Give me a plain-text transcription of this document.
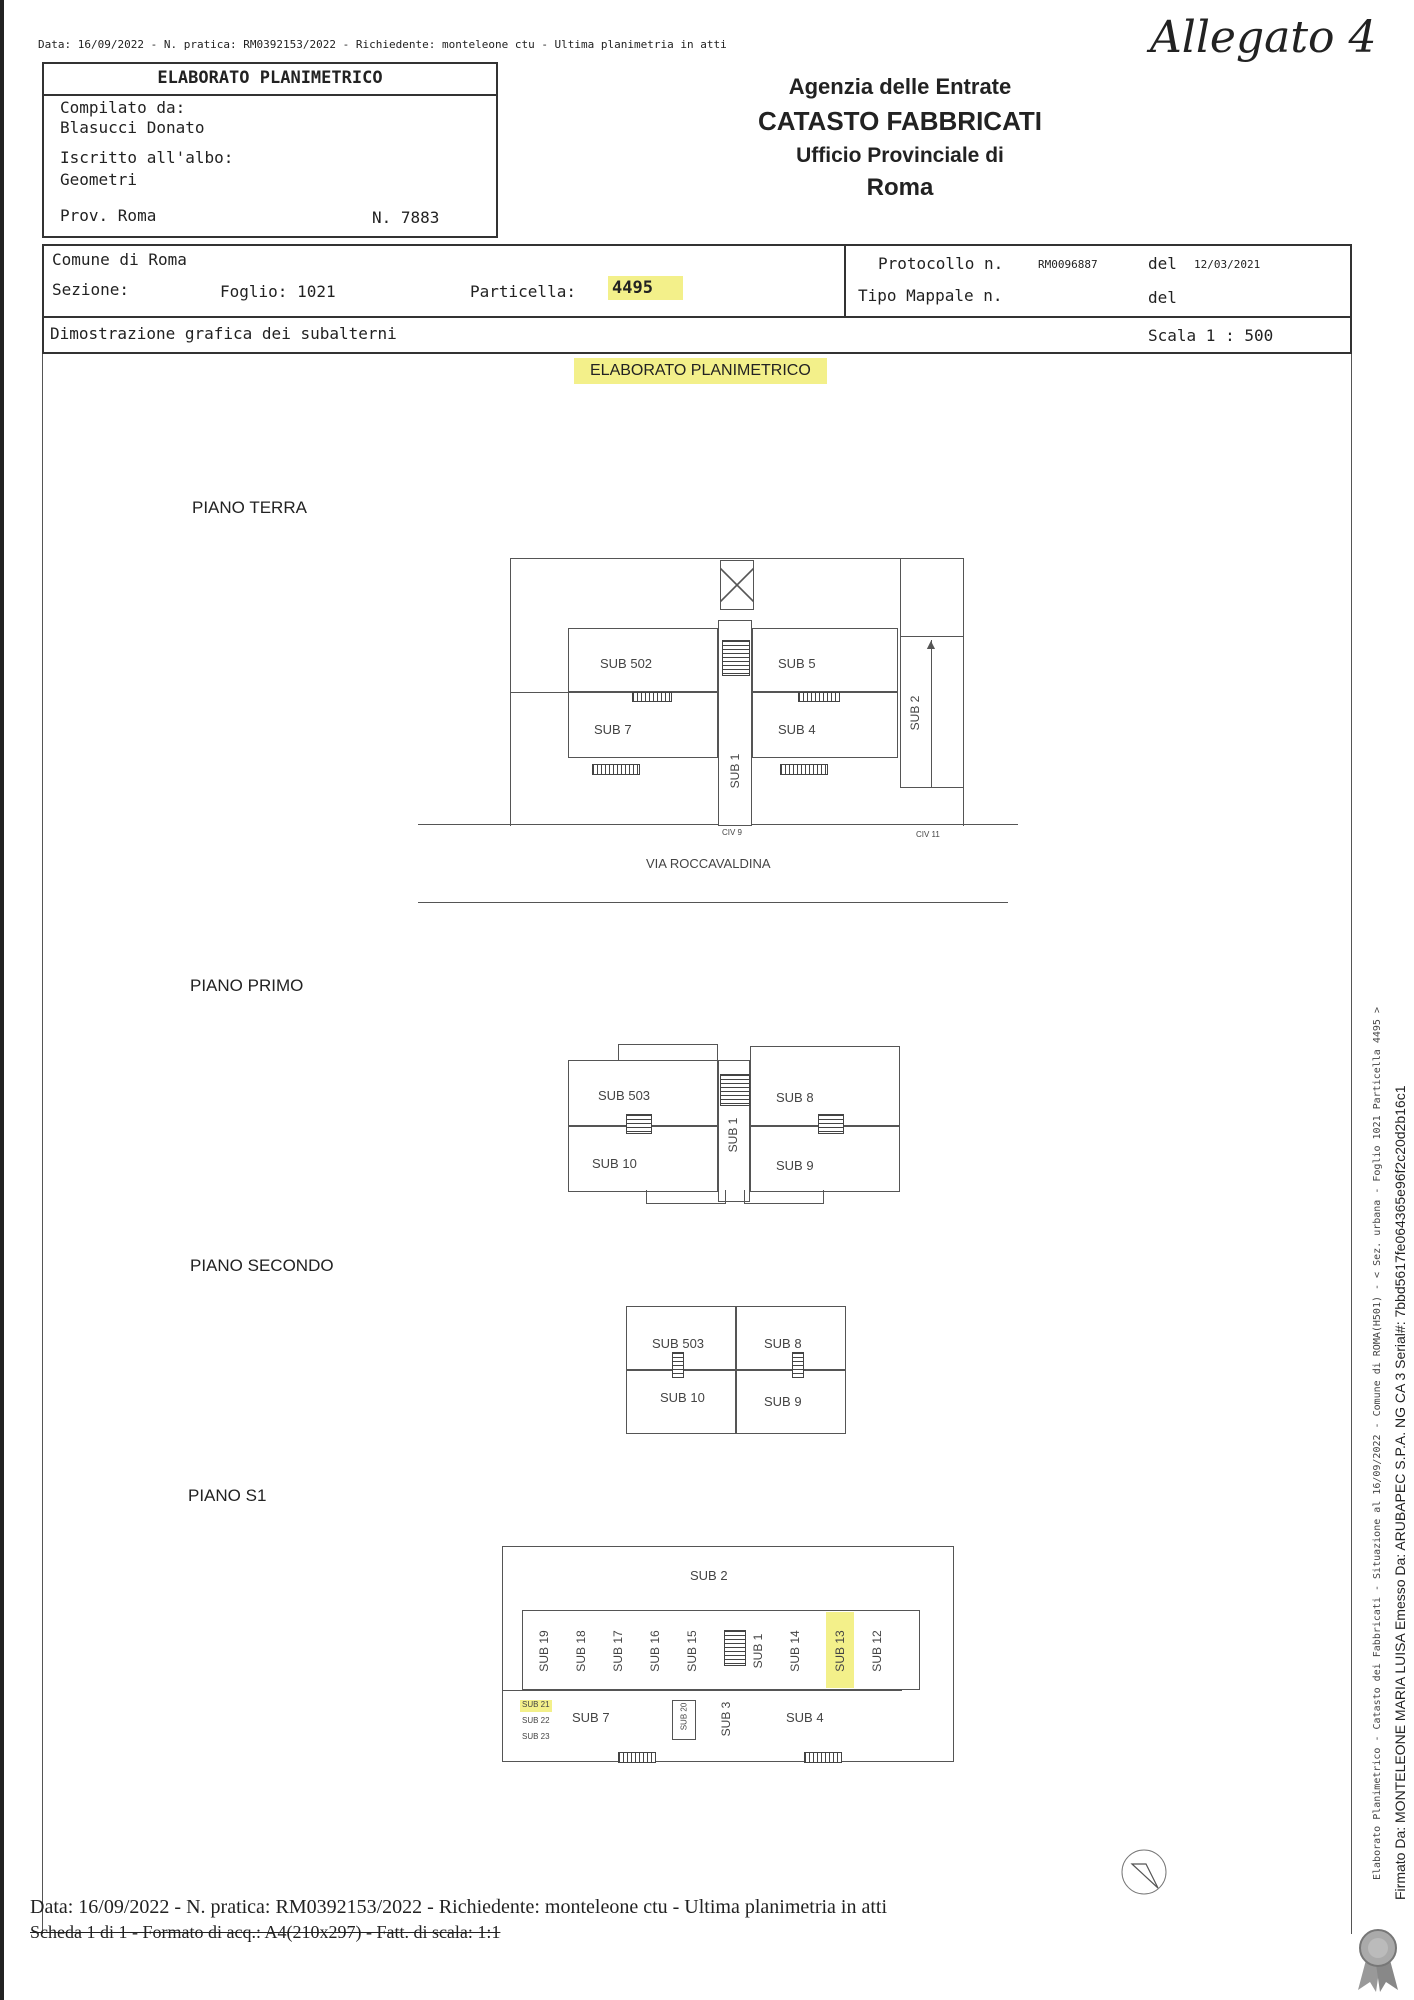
Data: 16/09/2022 - N. pratica: RM0392153/2022 - Richiedente: monteleone ctu - Ultima planimetria in atti	Allegato 4
ELABORATO PLANIMETRICO
Compilato da:
Blasucci Donato
Iscritto all'albo:
Geometri
Prov. Roma	N. 7883
Agenzia delle Entrate
CATASTO FABBRICATI
Ufficio Provinciale di
Roma
Comune di Roma
Sezione:	Foglio: 1021	Particella: 4495
Protocollo n.	RM0096887	del 12/03/2021
Tipo Mappale n.	del
Dimostrazione grafica dei subalterni	Scala 1 : 500
ELABORATO PLANIMETRICO
PIANO TERRA
▲
SUB 502	SUB 5
SUB 7	SUB 4
SUB 1
SUB 2
CIV 9	CIV 11
VIA ROCCAVALDINA
PIANO PRIMO
SUB 503	SUB 8
SUB 10	SUB 9
SUB 1
PIANO SECONDO
SUB 503	SUB 8
SUB 10	SUB 9
PIANO S1
SUB 2
SUB 19 SUB 18 SUB 17 SUB 16 SUB 15	SUB 1 SUB 14	SUB 13 SUB 12
SUB 21
SUB 22
SUB 23
SUB 7	SUB 20	SUB 3	SUB 4	Elaborato Planimetrico - Catasto dei Fabbricati - Situazione al 16/09/2022 - Comune di ROMA(H501) - < Sez. urbana - Foglio 1021 Particella 4495 > Firmato Da: MONTELEONE MARIA LUISA Emesso Da: ARUBAPEC S.P.A. NG CA 3 Serial#: 7bbd5617fe064365e96f2c20d2b16c1
Data: 16/09/2022 - N. pratica: RM0392153/2022 - Richiedente: monteleone ctu - Ultima planimetria in atti
Scheda 1 di 1 - Formato di acq.: A4(210x297) - Fatt. di scala: 1:1
